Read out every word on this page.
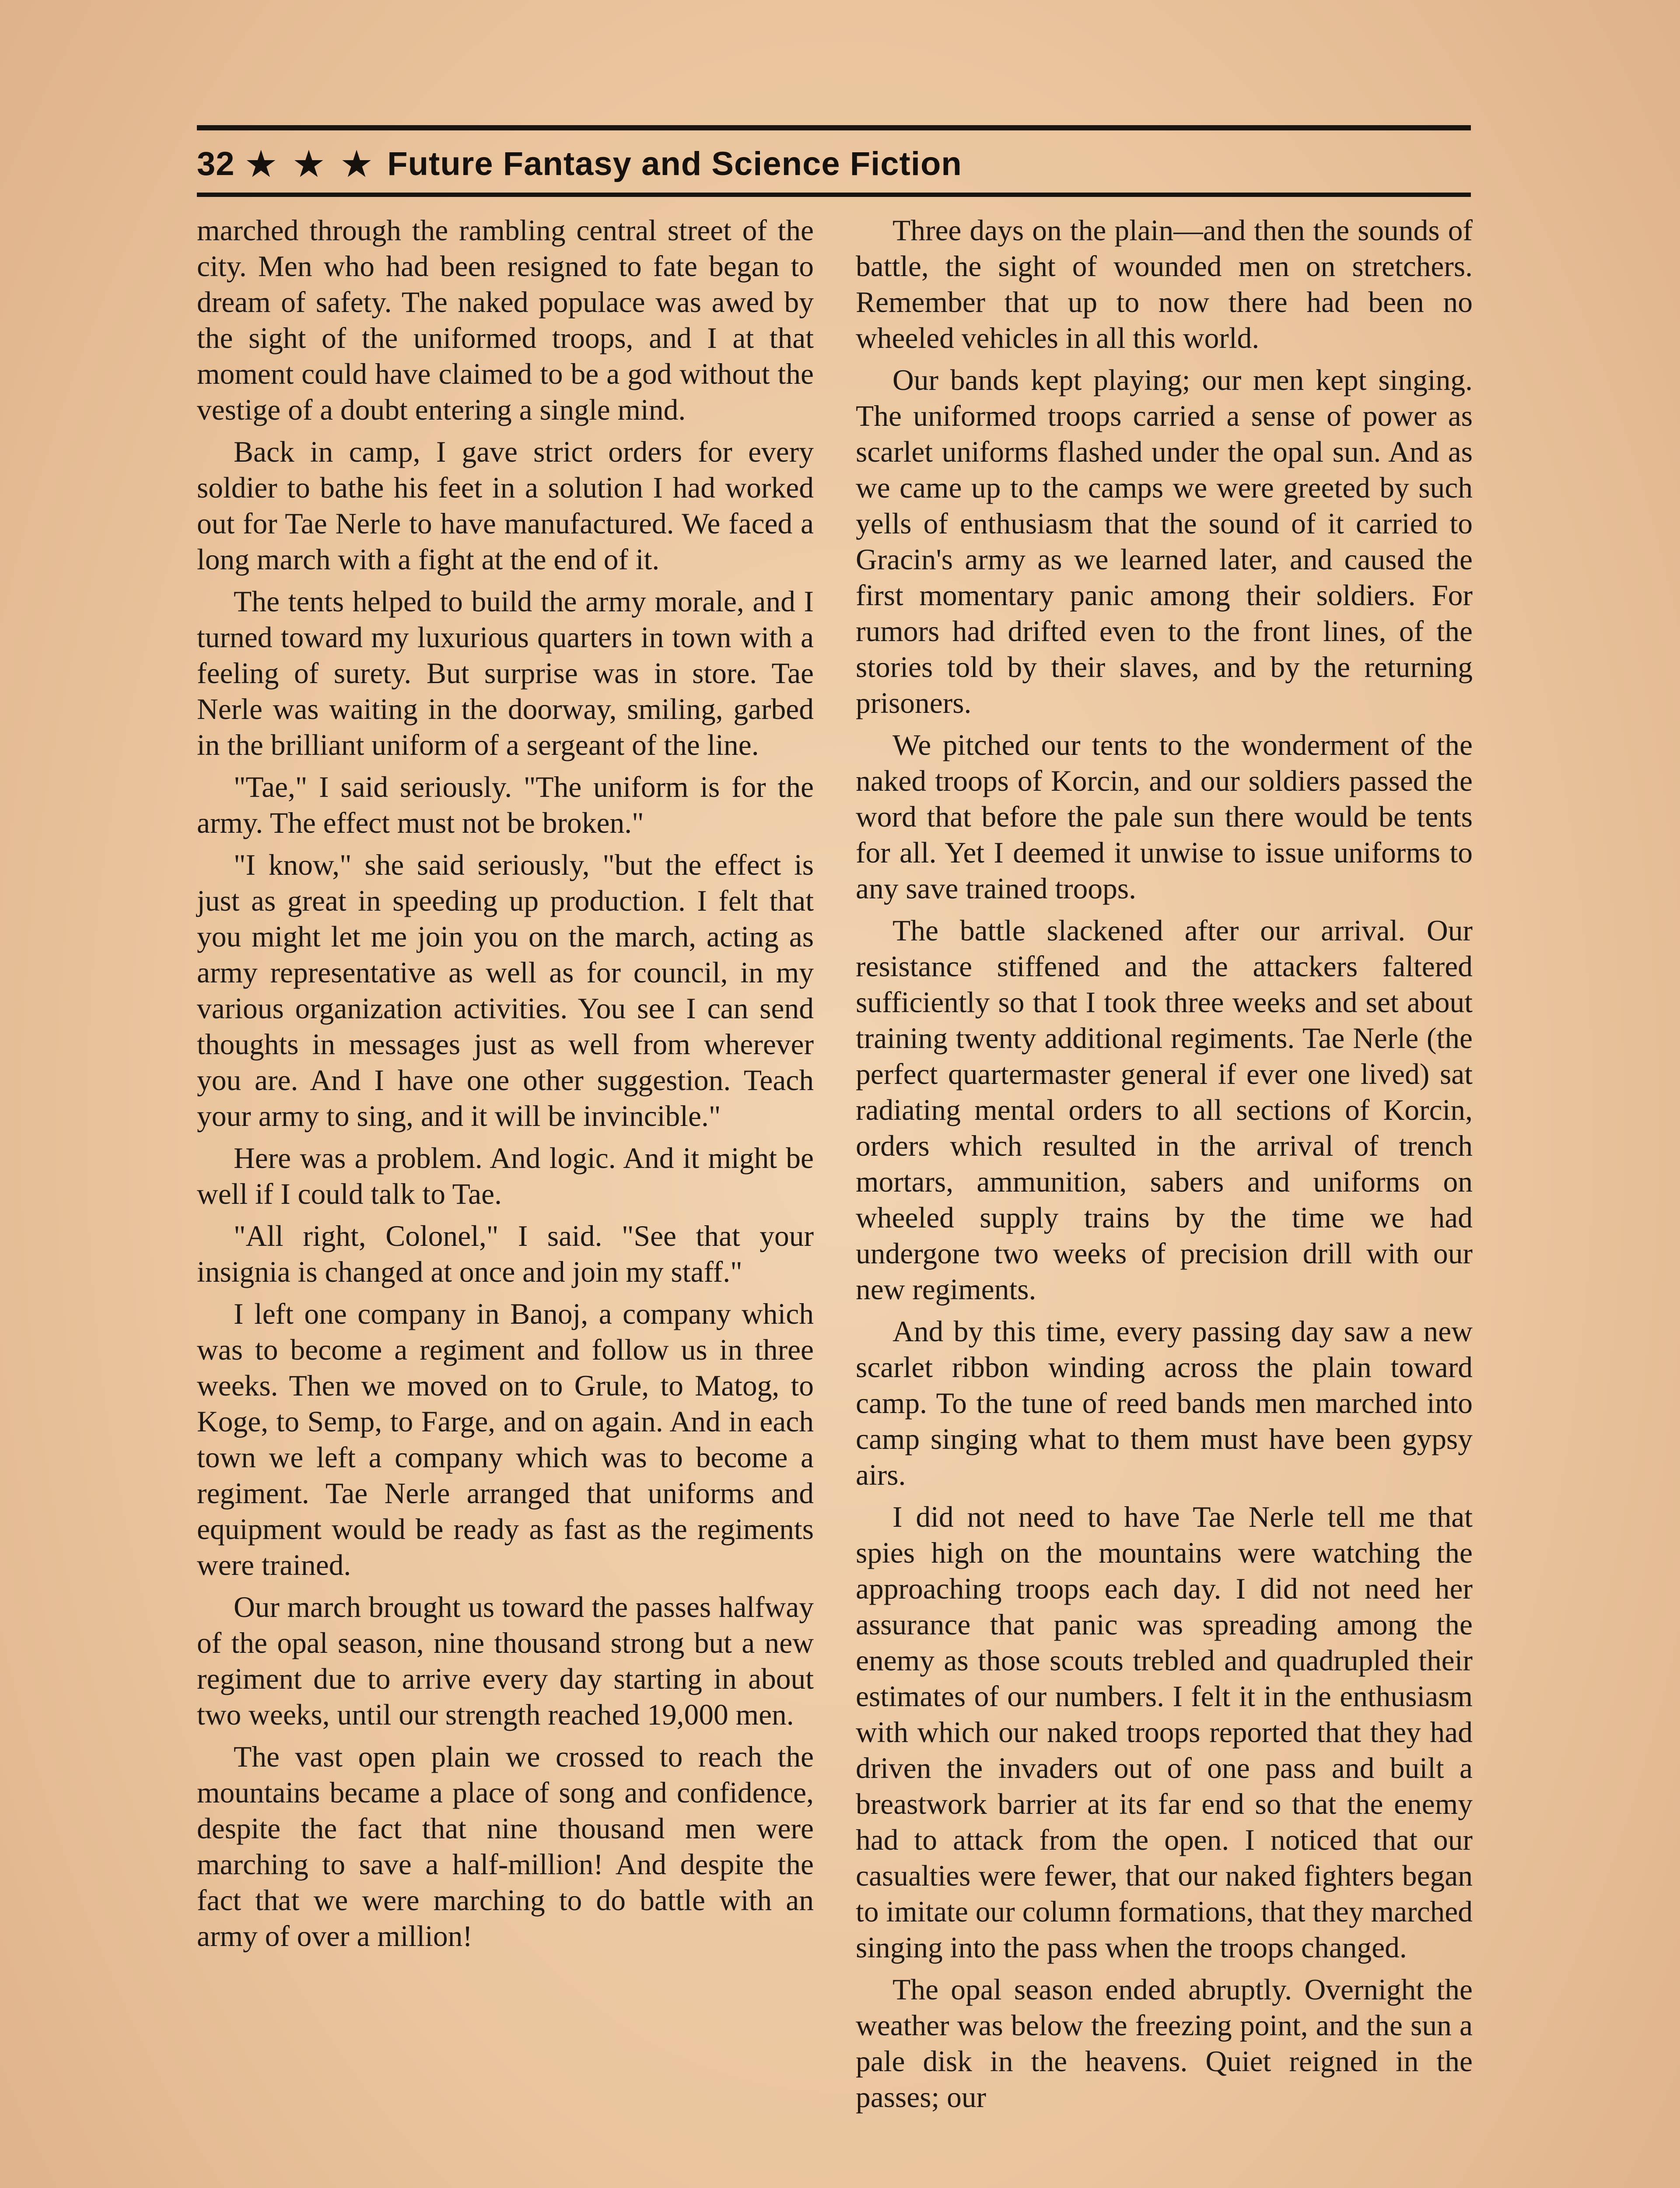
32 ★ ★ ★ Future Fantasy and Science Fiction

marched through the rambling central street of the city. Men who had been resigned to fate began to dream of safety. The naked populace was awed by the sight of the uniformed troops, and I at that moment could have claimed to be a god without the vestige of a doubt entering a single mind.

Back in camp, I gave strict orders for every soldier to bathe his feet in a solution I had worked out for Tae Nerle to have manufactured. We faced a long march with a fight at the end of it.

The tents helped to build the army morale, and I turned toward my luxurious quarters in town with a feeling of surety. But surprise was in store. Tae Nerle was waiting in the doorway, smiling, garbed in the brilliant uniform of a sergeant of the line.

"Tae," I said seriously. "The uniform is for the army. The effect must not be broken."

"I know," she said seriously, "but the effect is just as great in speeding up production. I felt that you might let me join you on the march, acting as army representative as well as for council, in my various organization activities. You see I can send thoughts in messages just as well from wherever you are. And I have one other suggestion. Teach your army to sing, and it will be invincible."

Here was a problem. And logic. And it might be well if I could talk to Tae.

"All right, Colonel," I said. "See that your insignia is changed at once and join my staff."

I left one company in Banoj, a company which was to become a regiment and follow us in three weeks. Then we moved on to Grule, to Matog, to Koge, to Semp, to Farge, and on again. And in each town we left a company which was to become a regiment. Tae Nerle arranged that uniforms and equipment would be ready as fast as the regiments were trained.

Our march brought us toward the passes halfway of the opal season, nine thousand strong but a new regiment due to arrive every day starting in about two weeks, until our strength reached 19,000 men.

The vast open plain we crossed to reach the mountains became a place of song and confidence, despite the fact that nine thousand men were marching to save a half-million! And despite the fact that we were marching to do battle with an army of over a million!

Three days on the plain—and then the sounds of battle, the sight of wounded men on stretchers. Remember that up to now there had been no wheeled vehicles in all this world.

Our bands kept playing; our men kept singing. The uniformed troops carried a sense of power as scarlet uniforms flashed under the opal sun. And as we came up to the camps we were greeted by such yells of enthusiasm that the sound of it carried to Gracin's army as we learned later, and caused the first momentary panic among their soldiers. For rumors had drifted even to the front lines, of the stories told by their slaves, and by the returning prisoners.

We pitched our tents to the wonderment of the naked troops of Korcin, and our soldiers passed the word that before the pale sun there would be tents for all. Yet I deemed it unwise to issue uniforms to any save trained troops.

The battle slackened after our arrival. Our resistance stiffened and the attackers faltered sufficiently so that I took three weeks and set about training twenty additional regiments. Tae Nerle (the perfect quartermaster general if ever one lived) sat radiating mental orders to all sections of Korcin, orders which resulted in the arrival of trench mortars, ammunition, sabers and uniforms on wheeled supply trains by the time we had undergone two weeks of precision drill with our new regiments.

And by this time, every passing day saw a new scarlet ribbon winding across the plain toward camp. To the tune of reed bands men marched into camp singing what to them must have been gypsy airs.

I did not need to have Tae Nerle tell me that spies high on the mountains were watching the approaching troops each day. I did not need her assurance that panic was spreading among the enemy as those scouts trebled and quadrupled their estimates of our numbers. I felt it in the enthusiasm with which our naked troops reported that they had driven the invaders out of one pass and built a breastwork barrier at its far end so that the enemy had to attack from the open. I noticed that our casualties were fewer, that our naked fighters began to imitate our column formations, that they marched singing into the pass when the troops changed.

The opal season ended abruptly. Overnight the weather was below the freezing point, and the sun a pale disk in the heavens. Quiet reigned in the passes; our
